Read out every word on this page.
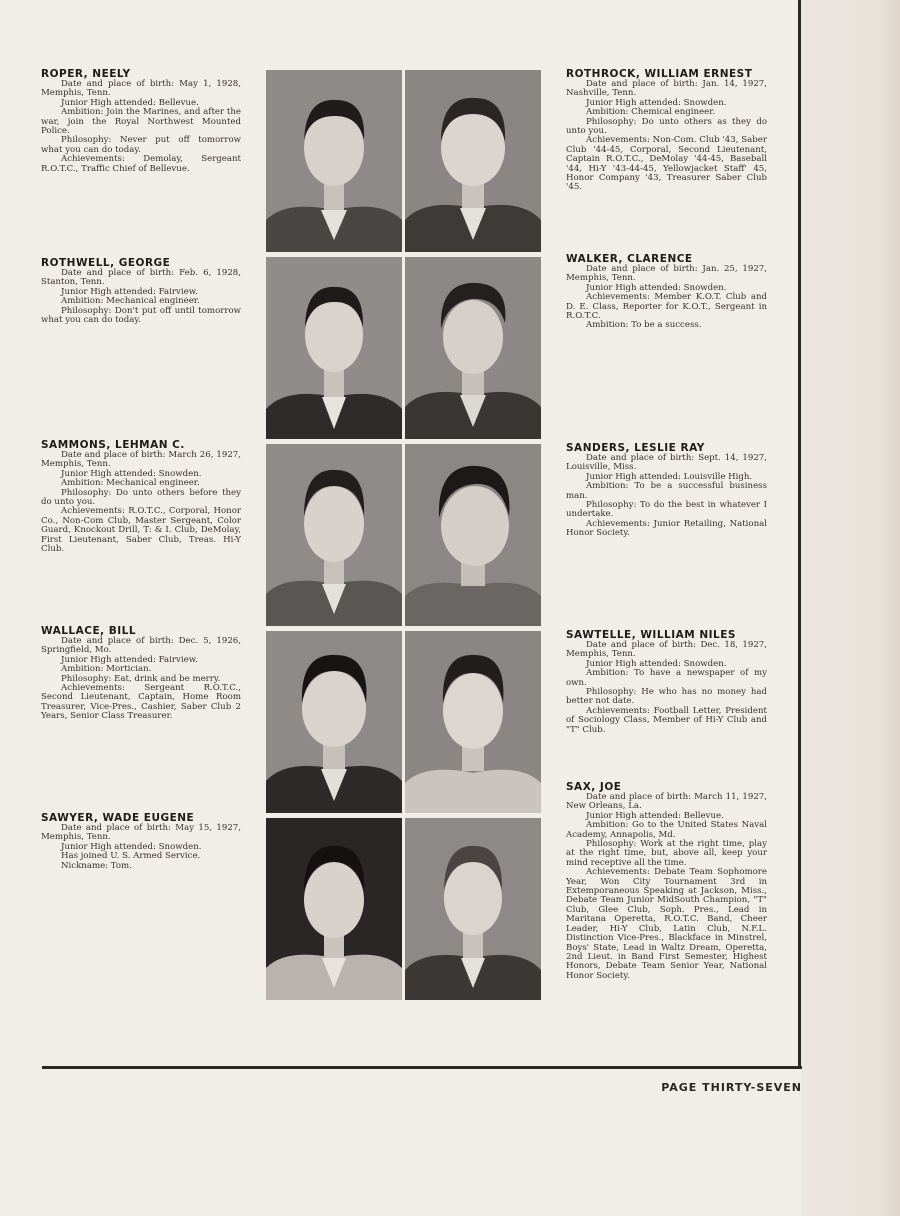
ROPER, NEELY
Date and place of birth: May 1, 1928, Memphis, Tenn.
Junior High attended: Bellevue.
Ambition: Join the Marines, and after the war, join the Royal Northwest Mounted Police.
Philosophy: Never put off tomorrow what you can do today.
Achievements: Demolay, Sergeant R.O.T.C., Traffic Chief of Bellevue.
ROTHWELL, GEORGE
Date and place of birth: Feb. 6, 1928, Stanton, Tenn.
Junior High attended: Fairview.
Ambition: Mechanical engineer.
Philosophy: Don't put off until tomorrow what you can do today.
SAMMONS, LEHMAN C.
Date and place of birth: March 26, 1927, Memphis, Tenn.
Junior High attended: Snowden.
Ambition: Mechanical engineer.
Philosophy: Do unto others before they do unto you.
Achievements: R.O.T.C., Corporal, Honor Co., Non-Com Club, Master Sergeant, Color Guard, Knockout Drill, T: & I. Club, DeMolay, First Lieutenant, Saber Club, Treas. Hi-Y Club.
WALLACE, BILL
Date and place of birth: Dec. 5, 1926, Springfield, Mo.
Junior High attended: Fairview.
Ambition: Mortician.
Philosophy: Eat, drink and be merry.
Achievements: Sergeant R.O.T.C., Second Lieutenant, Captain, Home Room Treasurer, Vice-Pres., Cashier, Saber Club 2 Years, Senior Class Treasurer.
SAWYER, WADE EUGENE
Date and place of birth: May 15, 1927, Memphis, Tenn.
Junior High attended: Snowden.
Has joined U. S. Armed Service.
Nickname: Tom.
ROTHROCK, WILLIAM ERNEST
Date and place of birth: Jan. 14, 1927, Nashville, Tenn.
Junior High attended: Snowden.
Ambition: Chemical engineer.
Philosophy: Do unto others as they do unto you.
Achievements: Non-Com. Club '43, Saber Club '44-45, Corporal, Second Lieutenant, Captain R.O.T.C., DeMolay '44-45, Baseball '44, Hi-Y '43-44-45, Yellowjacket Staff' 45, Honor Company '43, Treasurer Saber Club '45.
WALKER, CLARENCE
Date and place of birth: Jan. 25, 1927, Memphis, Tenn.
Junior High attended: Snowden.
Achievements: Member K.O.T. Club and D. E. Class, Reporter for K.O.T., Sergeant in R.O.T.C.
Ambition: To be a success.
SANDERS, LESLIE RAY
Date and place of birth: Sept. 14, 1927, Louisville, Miss.
Junior High attended: Louisville High.
Ambition: To be a successful business man.
Philosophy: To do the best in whatever I undertake.
Achievements: Junior Retailing, National Honor Society.
SAWTELLE, WILLIAM NILES
Date and place of birth: Dec. 18, 1927, Memphis, Tenn.
Junior High attended: Snowden.
Ambition: To have a newspaper of my own.
Philosophy: He who has no money had better not date.
Achievements: Football Letter, President of Sociology Class, Member of Hi-Y Club and "T" Club.
SAX, JOE
Date and place of birth: March 11, 1927, New Orleans, La.
Junior High attended: Bellevue.
Ambition: Go to the United States Naval Academy, Annapolis, Md.
Philosophy: Work at the right time, play at the right time, but, above all, keep your mind receptive all the time.
Achievements: Debate Team Sophomore Year, Won City Tournament 3rd in Extemporaneous Speaking at Jackson, Miss., Debate Team Junior MidSouth Champion, "T" Club, Glee Club, Soph. Pres., Lead in Maritana Operetta, R.O.T.C. Band, Cheer Leader, Hi-Y Club, Latin Club, N.F.L. Distinction Vice-Pres., Blackface in Minstrel, Boys' State, Lead in Waltz Dream, Operetta, 2nd Lieut. in Band First Semester, Highest Honors, Debate Team Senior Year, National Honor Society.
PAGE THIRTY-SEVEN
